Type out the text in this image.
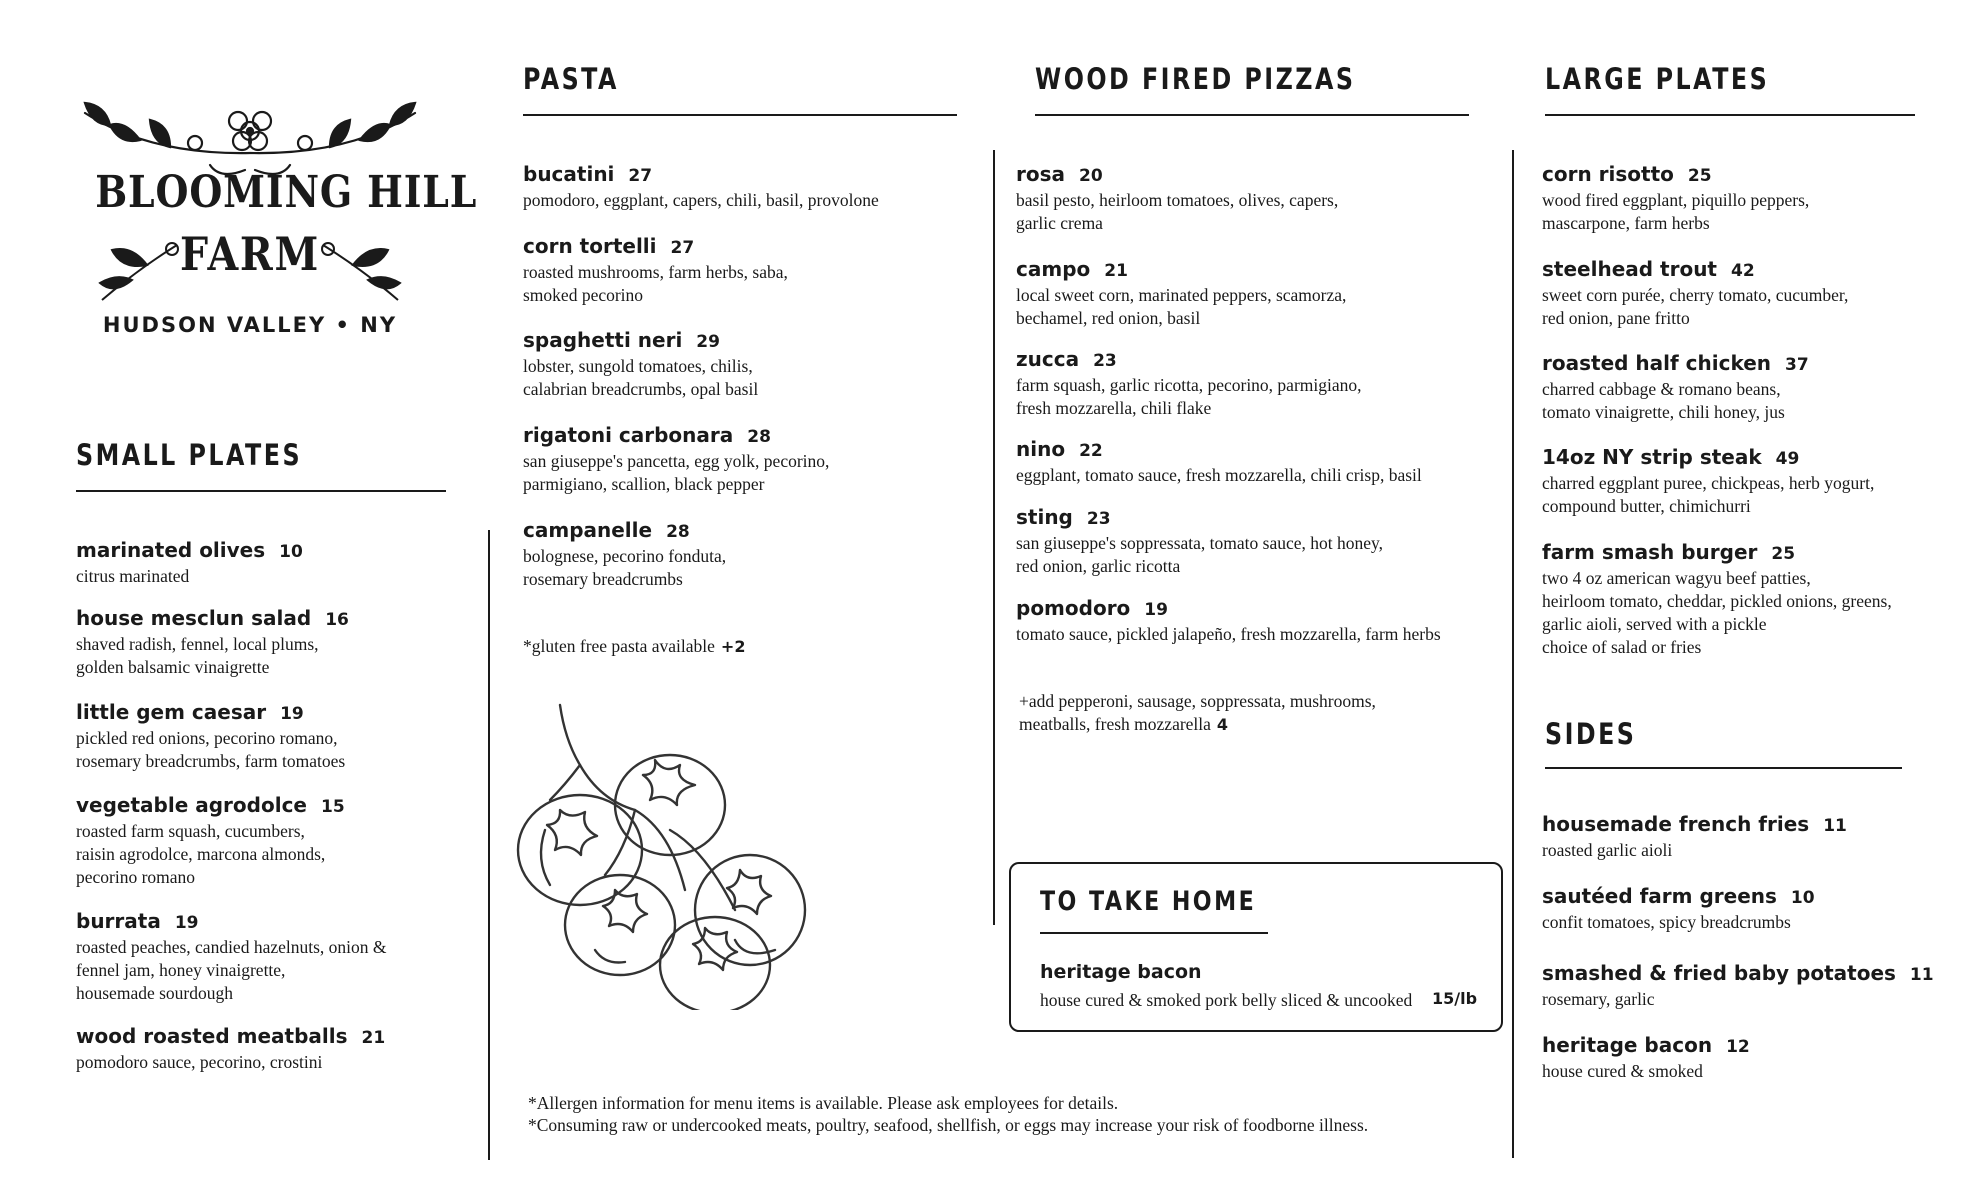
BLOOMING HILL
FARM
HUDSON VALLEY • NY
SMALL PLATES
marinated olives 10
citrus marinated
house mesclun salad 16
shaved radish, fennel, local plums,
golden balsamic vinaigrette
little gem caesar 19
pickled red onions, pecorino romano,
rosemary breadcrumbs, farm tomatoes
vegetable agrodolce 15
roasted farm squash, cucumbers,
raisin agrodolce, marcona almonds,
pecorino romano
burrata 19
roasted peaches, candied hazelnuts, onion &
fennel jam, honey vinaigrette,
housemade sourdough
wood roasted meatballs 21
pomodoro sauce, pecorino, crostini
PASTA
bucatini 27
pomodoro, eggplant, capers, chili, basil, provolone
corn tortelli 27
roasted mushrooms, farm herbs, saba,
smoked pecorino
spaghetti neri 29
lobster, sungold tomatoes, chilis,
calabrian breadcrumbs, opal basil
rigatoni carbonara 28
san giuseppe's pancetta, egg yolk, pecorino,
parmigiano, scallion, black pepper
campanelle 28
bolognese, pecorino fonduta,
rosemary breadcrumbs

*gluten free pasta available +2

WOOD FIRED PIZZAS
rosa 20
basil pesto, heirloom tomatoes, olives, capers,
garlic crema
campo 21
local sweet corn, marinated peppers, scamorza,
bechamel, red onion, basil
zucca 23
farm squash, garlic ricotta, pecorino, parmigiano,
fresh mozzarella, chili flake
nino 22
eggplant, tomato sauce, fresh mozzarella, chili crisp, basil
sting 23
san giuseppe's soppressata, tomato sauce, hot honey,
red onion, garlic ricotta
pomodoro 19
tomato sauce, pickled jalapeño, fresh mozzarella, farm herbs

+add pepperoni, sausage, soppressata, mushrooms,
meatballs, fresh mozzarella 4

TO TAKE HOME
heritage bacon
house cured & smoked pork belly sliced & uncooked 15/lb
LARGE PLATES
corn risotto 25
wood fired eggplant, piquillo peppers,
mascarpone, farm herbs
steelhead trout 42
sweet corn purée, cherry tomato, cucumber,
red onion, pane fritto
roasted half chicken 37
charred cabbage & romano beans,
tomato vinaigrette, chili honey, jus
14oz NY strip steak 49
charred eggplant puree, chickpeas, herb yogurt,
compound butter, chimichurri
farm smash burger 25
two 4 oz american wagyu beef patties,
heirloom tomato, cheddar, pickled onions, greens,
garlic aioli, served with a pickle
choice of salad or fries
SIDES
housemade french fries 11
roasted garlic aioli
sautéed farm greens 10
confit tomatoes, spicy breadcrumbs
smashed & fried baby potatoes 11
rosemary, garlic
heritage bacon 12
house cured & smoked
*Allergen information for menu items is available. Please ask employees for details.
*Consuming raw or undercooked meats, poultry, seafood, shellfish, or eggs may increase your risk of foodborne illness.
